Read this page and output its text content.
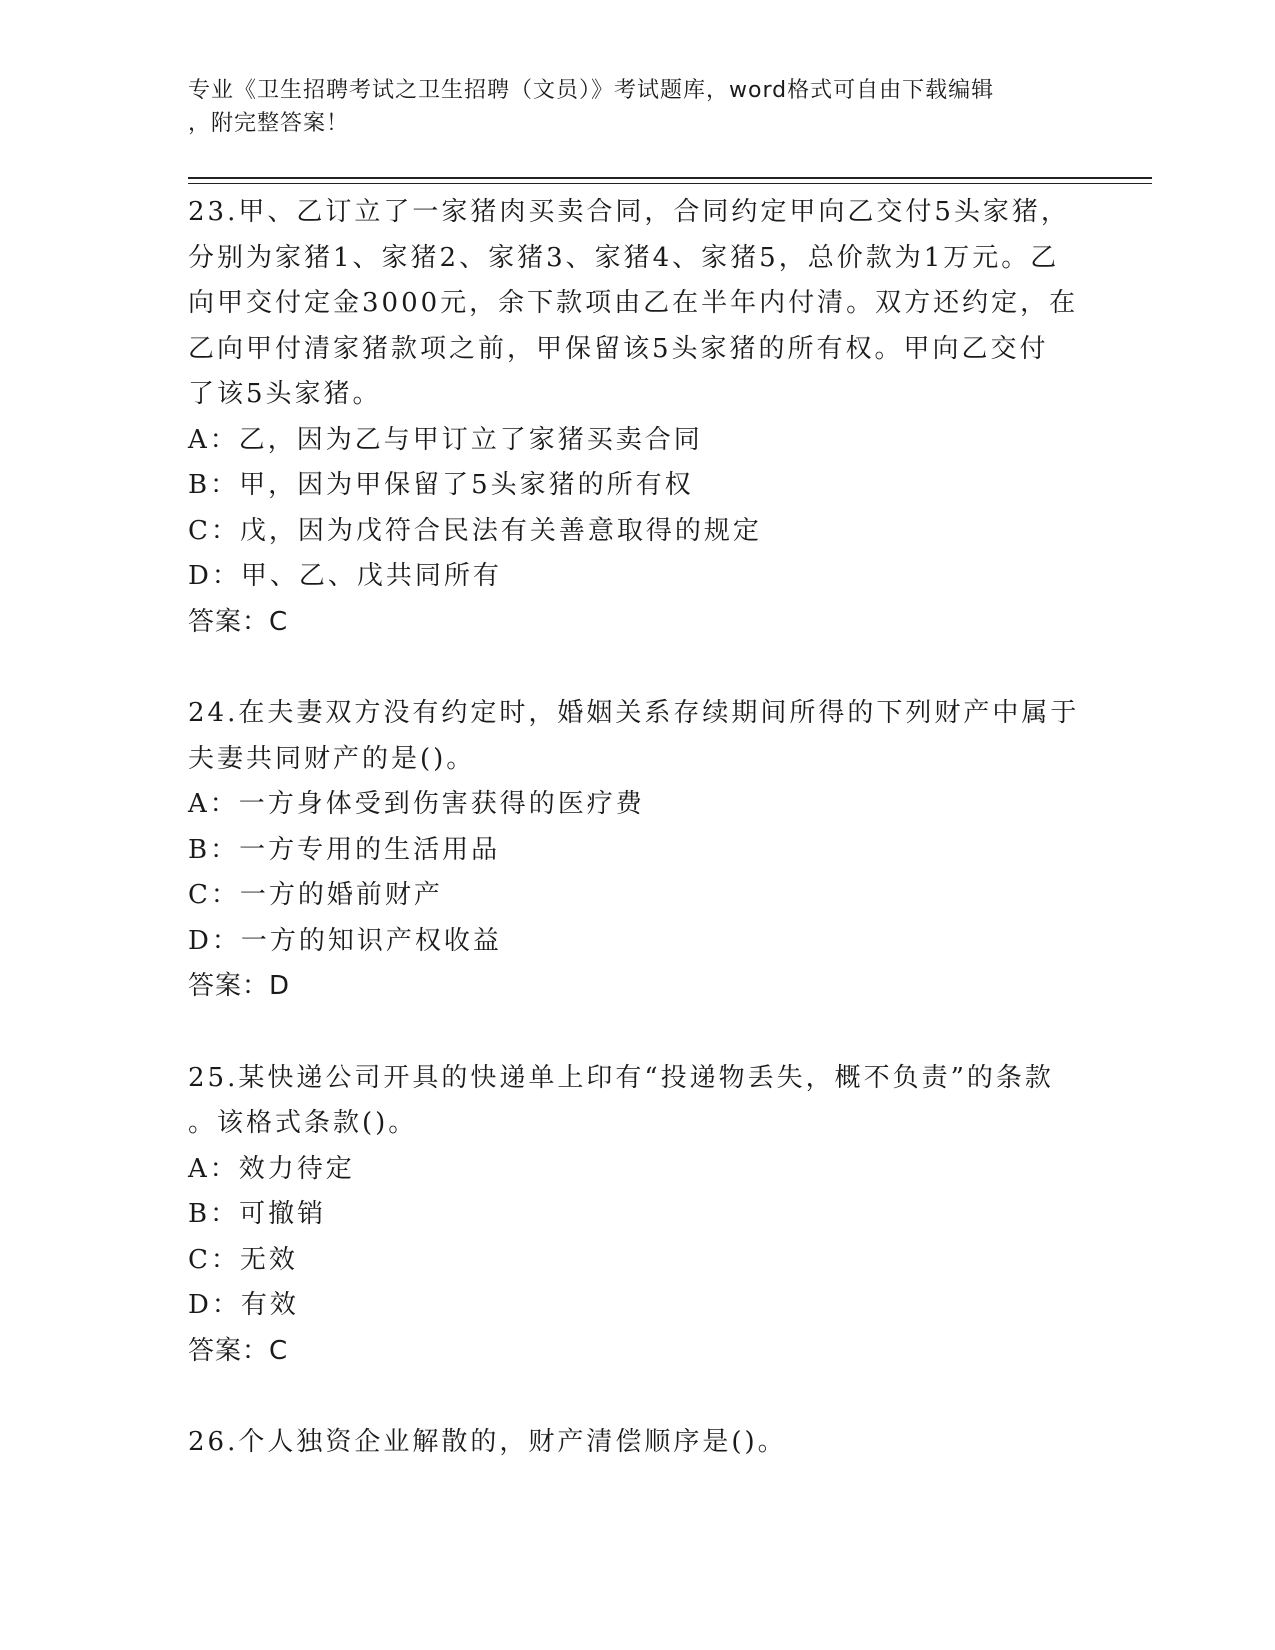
专业《卫生招聘考试之卫生招聘（文员）》考试题库，word格式可自由下载编辑
，附完整答案！
23.甲、乙订立了一家猪肉买卖合同，合同约定甲向乙交付5头家猪，
分别为家猪1、家猪2、家猪3、家猪4、家猪5，总价款为1万元。乙
向甲交付定金3000元，余下款项由乙在半年内付清。双方还约定，在
乙向甲付清家猪款项之前，甲保留该5头家猪的所有权。甲向乙交付
了该5头家猪。
A：乙，因为乙与甲订立了家猪买卖合同
B：甲，因为甲保留了5头家猪的所有权
C：戊，因为戊符合民法有关善意取得的规定
D：甲、乙、戊共同所有
答案：C
24.在夫妻双方没有约定时，婚姻关系存续期间所得的下列财产中属于
夫妻共同财产的是()。
A：一方身体受到伤害获得的医疗费
B：一方专用的生活用品
C：一方的婚前财产
D：一方的知识产权收益
答案：D
25.某快递公司开具的快递单上印有“投递物丢失，概不负责”的条款
。该格式条款()。
A：效力待定
B：可撤销
C：无效
D：有效
答案：C
26.个人独资企业解散的，财产清偿顺序是()。
